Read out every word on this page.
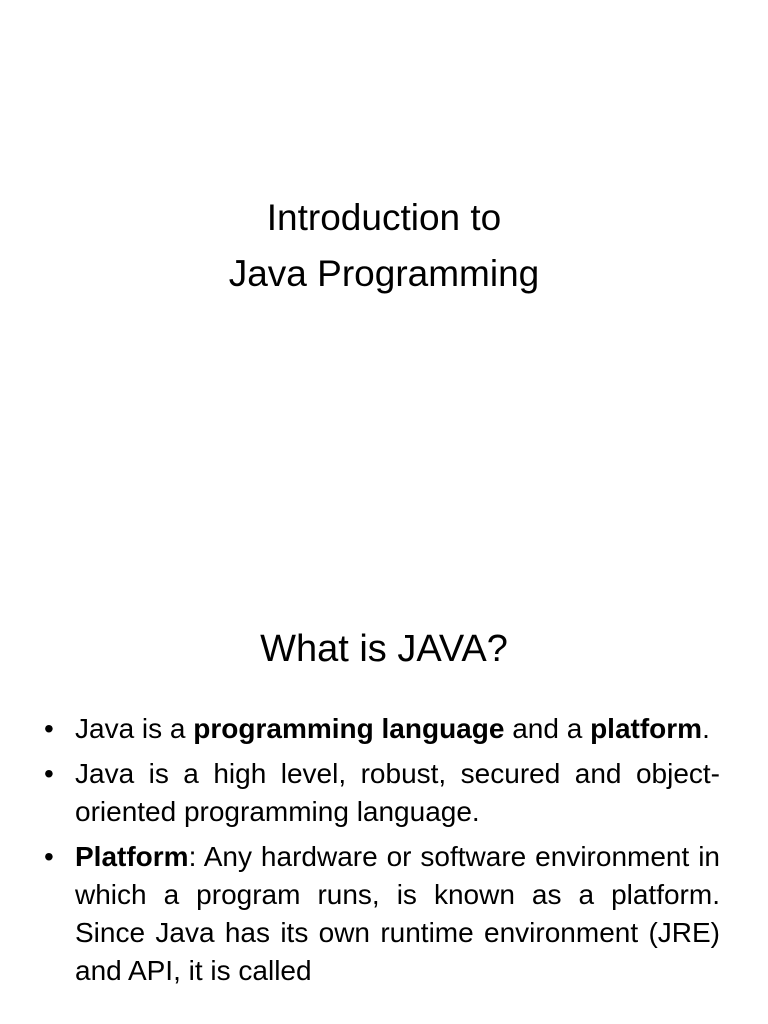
Introduction to
Java Programming
What is JAVA?
• Java is a programming language and a platform.
• Java is a high level, robust, secured and object-oriented programming language.
• Platform: Any hardware or software environment in which a program runs, is known as a platform. Since Java has its own runtime environment (JRE) and API, it is called
